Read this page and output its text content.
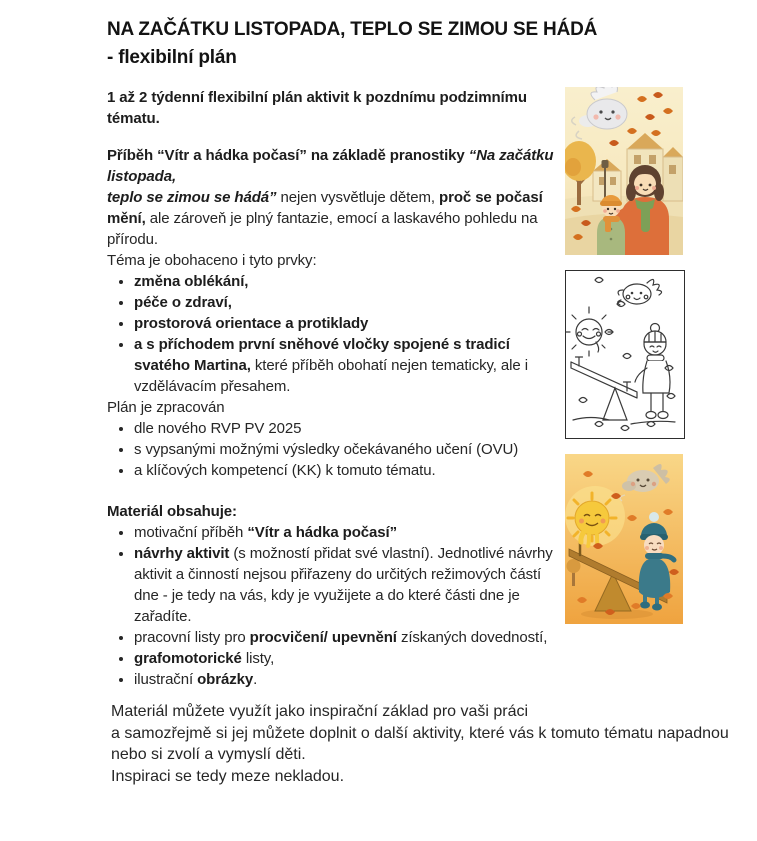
NA ZAČÁTKU LISTOPADA, TEPLO SE ZIMOU SE HÁDÁ
- flexibilní plán

1 až 2 týdenní flexibilní plán aktivit k pozdnímu podzimnímu tématu.

Příběh “Vítr a hádka počasí” na základě pranostiky “Na začátku listopada,
teplo se zimou se hádá” nejen vysvětluje dětem, proč se počasí mění, ale zároveň je plný fantazie, emocí a laskavého pohledu na přírodu.

Téma je obohaceno i tyto prvky:

• změna oblékání,
• péče o zdraví,
• prostorová orientace a protiklady
• a s příchodem první sněhové vločky spojené s tradicí svatého Martina, které příběh obohatí nejen tematicky, ale i vzdělávacím přesahem.

Plán je zpracován

• dle nového RVP PV 2025
• s vypsanými možnými výsledky očekávaného učení (OVU)
• a klíčových kompetencí (KK) k tomuto tématu.

Materiál obsahuje:

• motivační příběh “Vítr a hádka počasí”
• návrhy aktivit (s možností přidat své vlastní). Jednotlivé návrhy aktivit a činností nejsou přiřazeny do určitých režimových částí dne - je tedy na vás, kdy je využijete a do které části dne je zařadíte.
• pracovní listy pro procvičení/ upevnění získaných dovedností,
• grafomotorické listy,
• ilustrační obrázky.

Materiál můžete využít jako inspirační základ pro vaši práci
a samozřejmě si jej můžete doplnit o další aktivity, které vás k tomuto tématu napadnou nebo si zvolí a vymyslí děti.
Inspiraci se tedy meze nekladou.
